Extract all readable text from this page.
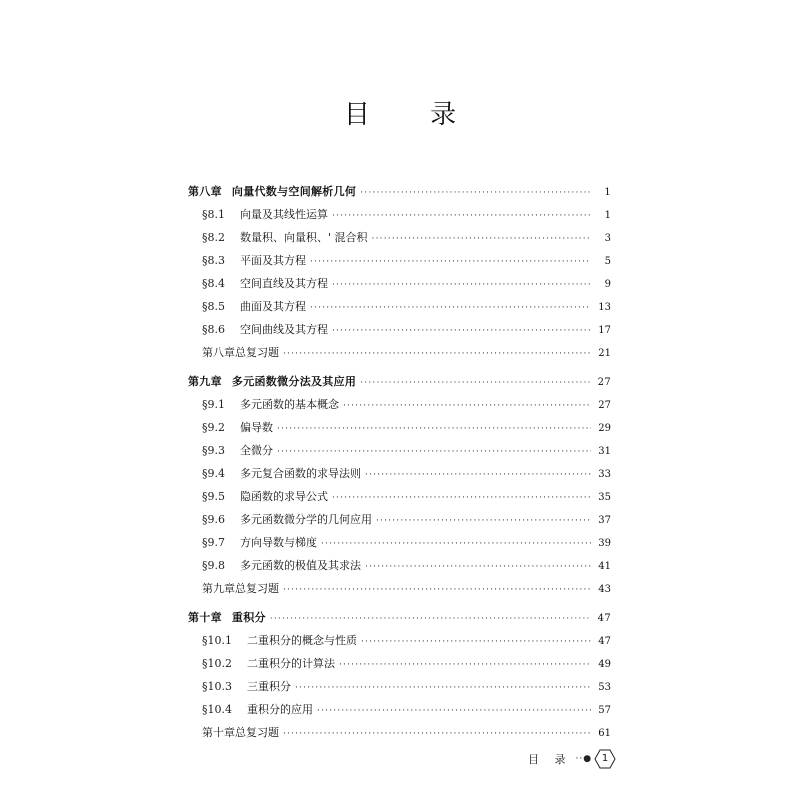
目 录
第八章 向量代数与空间解析几何 ·····	1
§8.1	向量及其线性运算 ·····	1
§8.2	数量积、向量积、' 混合积 ·····	3
§8.3	平面及其方程 ·····	5
§8.4	空间直线及其方程 ·····	9
§8.5	曲面及其方程 ·····	13
§8.6	空间曲线及其方程 ·····	17
第八章总复习题 ·····	21
第九章 多元函数微分法及其应用 ·····	27
§9.1	多元函数的基本概念 ·····	27
§9.2	偏导数 ·····	29
§9.3	全微分 ·····	31
§9.4	多元复合函数的求导法则 ·····	33
§9.5	隐函数的求导公式 ·····	35
§9.6	多元函数微分学的几何应用 ·····	37
§9.7	方向导数与梯度 ·····	39
§9.8	多元函数的极值及其求法 ·····	41
第九章总复习题 ·····	43
第十章 重积分 ·····	47
§10.1	二重积分的概念与性质 ·····	47
§10.2	二重积分的计算法 ·····	49
§10.3	三重积分 ·····	53
§10.4	重积分的应用 ·····	57
第十章总复习题 ·····	61
目 录 ··● 1
